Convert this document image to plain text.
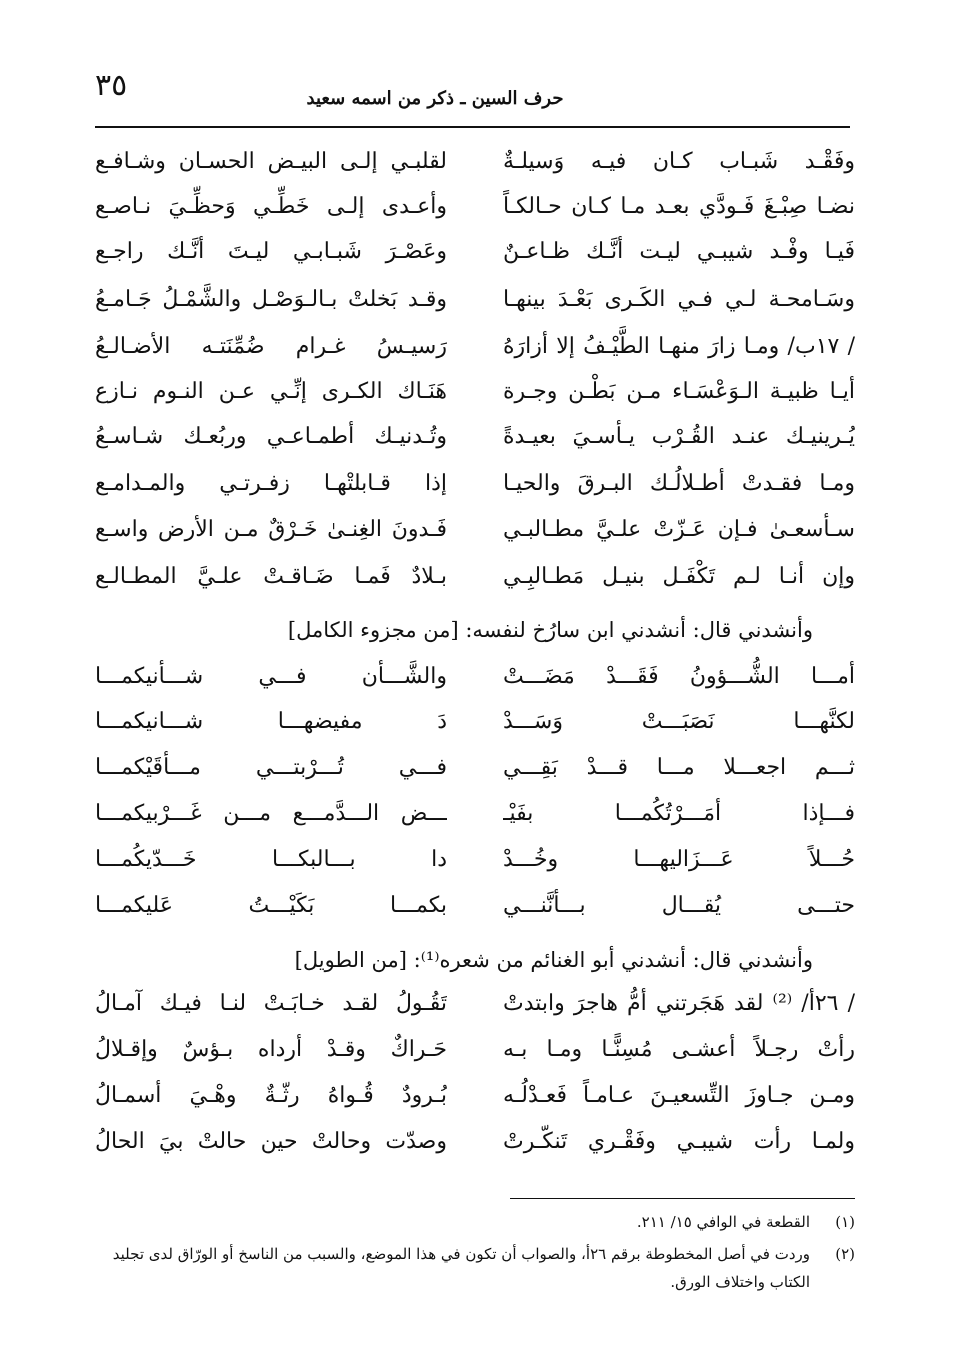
٣٥	حرف السين ـ ذكر من اسمه سعيد
وفَقْـد شَبـاب كـان فيـه وَسيلـةٌ
لقلبـي إلـى البيـض الحسـان وشـافـع
نضـا صِبْـغَ فَـودَّي بعـد مـا كـان حـالكـاً
وأعـدى إلـى خَطِّـي وَحظِّـيَ نـاصـع
فَيـا وفْـد شيبـي ليـت أنَّـك ظـاعـنٌ
وعَصْـرَ شَبـابـي ليـتَ أنَّـك راجـع
وسَـامحـة لـي فـي الكَـرى بَعْـدَ بينهـا
وقـد بَخلتْ بـالـوَصْـل والشَّمْـلُ جَـامـعُ
/ ١٧ب/ ومـا زارَ منهـا الطَّيْـفُ إلا أزارَهُ
رَسيـسُ غـرام ضُمِّنَتـه الأضـالـعُ
أيـا ظبيـة الـوَعْسَـاء مـن بَطْـن وجـرة
هَنَـاك الكـرى إنِّـي عـن النـوم نـازع
يُـرينيـك عنـد القُـرْب يـأسـيَ بعيـدةً
وتُـدنيـك أطمـاعـي وربُعـك شـاسـعُ
ومـا فقـدتْ أطـلالُـك البـرقَ والحيـا
إذا قـابلتْهـا زفـرتـي والمـدامـع
سـأسعـىٰ فـإن عَـزّتْ علـيَّ مطـالبـي
فَـدونَ الغِنـىٰ خَـرْقٌ مـن الأرض واسـع
وإن أنـا لـم تَكْفَـل بنيـل مَطـالبِـي
بـلادٌ فَمـا ضَـاقـتْ علـيَّ المطـالـع
وأنشدني قال: أنشدني ابن سارُخ لنفسه: [من مجزوء الكامل]
أمـــا الشُّـــؤونُ فَقَـــدْ مَضَـــتْ
والشَّـــأن فـــي شـــأنيكمـــا
لكنَّهـــا نَصَبَـــتْ وَسَـــدْ
دَ مفيضهـــا شـــانيكمـــا
ثـــم اجعـــلا مـــا قـــدْ بَقِـــي
فـــي تُـــرْبتـــي مـــأقَيْكمـــا
فـــإذا أمَـــرْتُكُمـــا بفَيْـ
ـــض الـــدَّمـــع مـــن غَـــرْبيكمـــا
حُـــلاً عَـــزَاليهـــا وخُـــدْ
دا بـــالبكـــا خَـــدّيكُمـــا
حتـــى يُقـــال بـــأنَّنـــي
بكمـــا بَكَيْـــتُ عَليكمـــا
وأنشدني قال: أنشدني أبو الغنائم من شعره⁽¹⁾: [من الطويل]
/ ٢٦أ/ ⁽²⁾ لقد هَجَرتني أمُّ هاجرَ وابتدتْ
تَقُـولُ لقـد خـابَـتْ لنـا فيـك آمـالُ
رأتْ رجـلاً أعشـى مُسِنًّـا ومـا بـه
حَـراكٌ وقـدْ أرداه بـؤسٌ وإقـلالُ
ومـن جـاوزَ التِّسعيـنَ عـامـاً فَعـدْلُـه
بُـرودٌ قُـواهُ رثّـةٌ وهْـيَ أسمـالُ
ولمـا رأت شيبـي وفَقْـري تَنكّـرتْ
وصدّت وحالتْ حين حالتْ بيَ الحالُ
(١)
القطعة في الوافي ١٥/ ٢١١.
(٢)
وردت في أصل المخطوطة برقم ٢٦أ، والصواب أن تكون في هذا الموضع، والسبب من الناسخ أو الورّاق لدى تجليد الكتاب واختلاف الورق.
